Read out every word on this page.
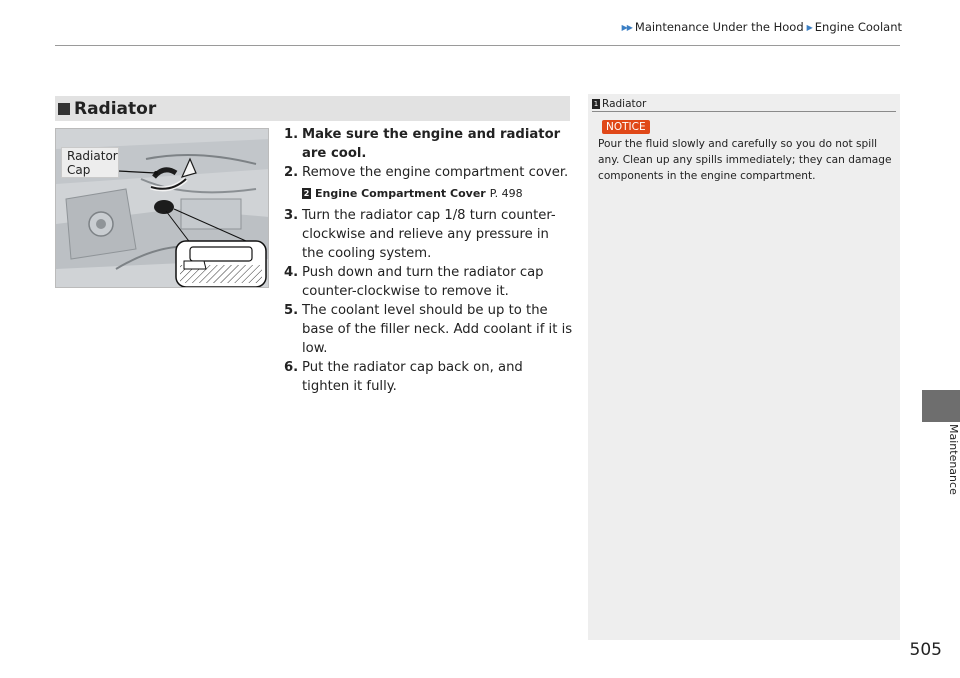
▶▶ Maintenance Under the Hood ▶ Engine Coolant
Radiator
Radiator
Cap
1. Make sure the engine and radiator are cool.
2. Remove the engine compartment cover.
2 Engine Compartment Cover P. 498
3. Turn the radiator cap 1/8 turn counter-clockwise and relieve any pressure in the cooling system.
4. Push down and turn the radiator cap counter-clockwise to remove it.
5. The coolant level should be up to the base of the filler neck. Add coolant if it is low.
6. Put the radiator cap back on, and tighten it fully.
1 Radiator
NOTICE
Pour the fluid slowly and carefully so you do not spill any. Clean up any spills immediately; they can damage components in the engine compartment.
Maintenance
505
